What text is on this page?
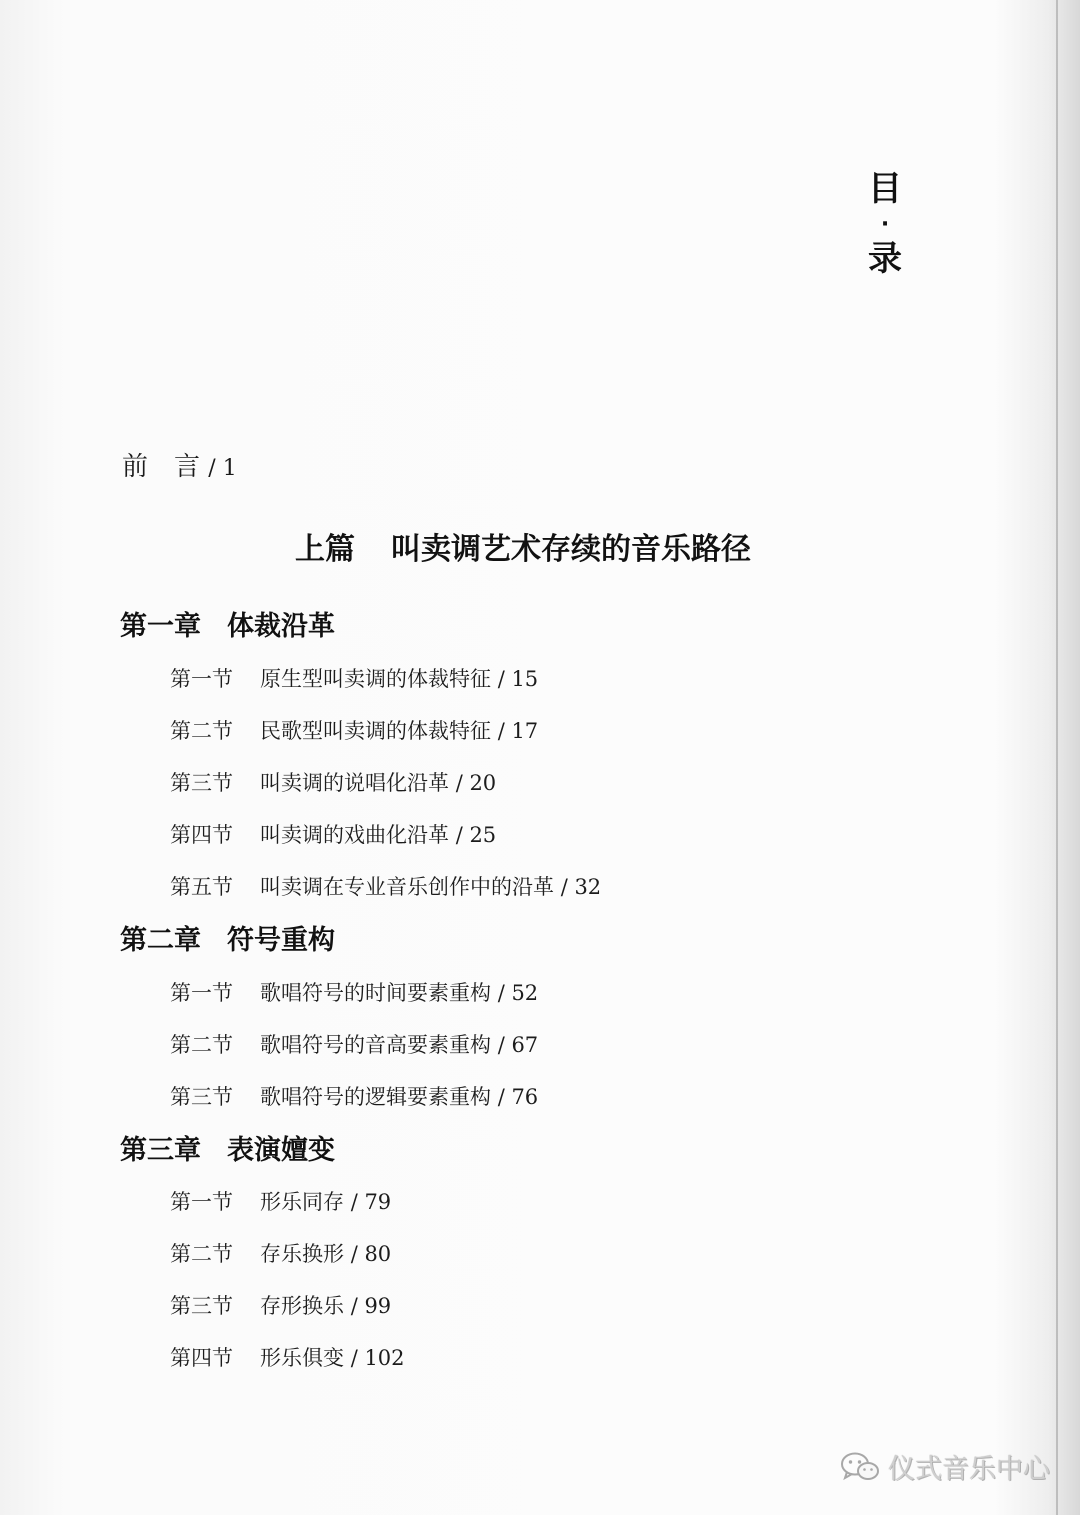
目
·
录
前 言 / 1
上篇 叫卖调艺术存续的音乐路径
第一章 体裁沿革
第一节 原生型叫卖调的体裁特征 / 15
第二节 民歌型叫卖调的体裁特征 / 17
第三节 叫卖调的说唱化沿革 / 20
第四节 叫卖调的戏曲化沿革 / 25
第五节 叫卖调在专业音乐创作中的沿革 / 32
第二章 符号重构
第一节 歌唱符号的时间要素重构 / 52
第二节 歌唱符号的音高要素重构 / 67
第三节 歌唱符号的逻辑要素重构 / 76
第三章 表演嬗变
第一节 形乐同存 / 79
第二节 存乐换形 / 80
第三节 存形换乐 / 99
第四节 形乐俱变 / 102
仪式音乐中心
